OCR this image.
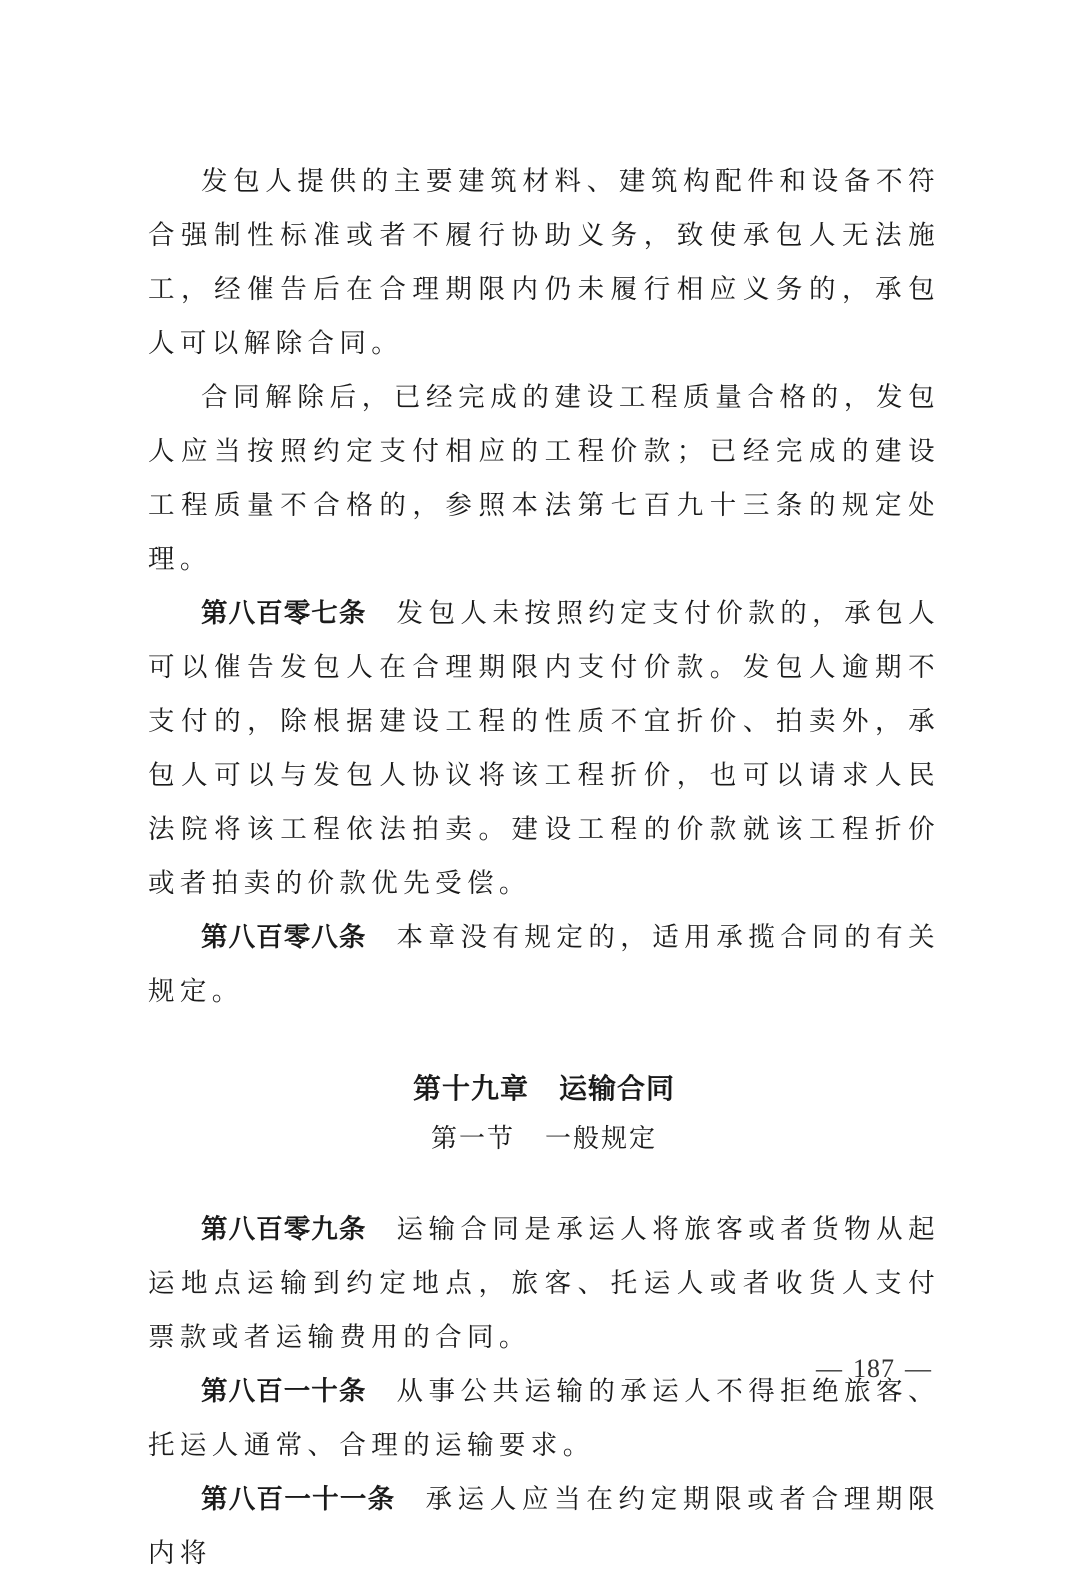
发包人提供的主要建筑材料、建筑构配件和设备不符合强制性标准或者不履行协助义务，致使承包人无法施工，经催告后在合理期限内仍未履行相应义务的，承包人可以解除合同。

合同解除后，已经完成的建设工程质量合格的，发包人应当按照约定支付相应的工程价款；已经完成的建设工程质量不合格的，参照本法第七百九十三条的规定处理。

第八百零七条 发包人未按照约定支付价款的，承包人可以催告发包人在合理期限内支付价款。发包人逾期不支付的，除根据建设工程的性质不宜折价、拍卖外，承包人可以与发包人协议将该工程折价，也可以请求人民法院将该工程依法拍卖。建设工程的价款就该工程折价或者拍卖的价款优先受偿。

第八百零八条 本章没有规定的，适用承揽合同的有关规定。

第十九章 运输合同
第一节 一般规定

第八百零九条 运输合同是承运人将旅客或者货物从起运地点运输到约定地点，旅客、托运人或者收货人支付票款或者运输费用的合同。

第八百一十条 从事公共运输的承运人不得拒绝旅客、托运人通常、合理的运输要求。

第八百一十一条 承运人应当在约定期限或者合理期限内将

— 187 —
